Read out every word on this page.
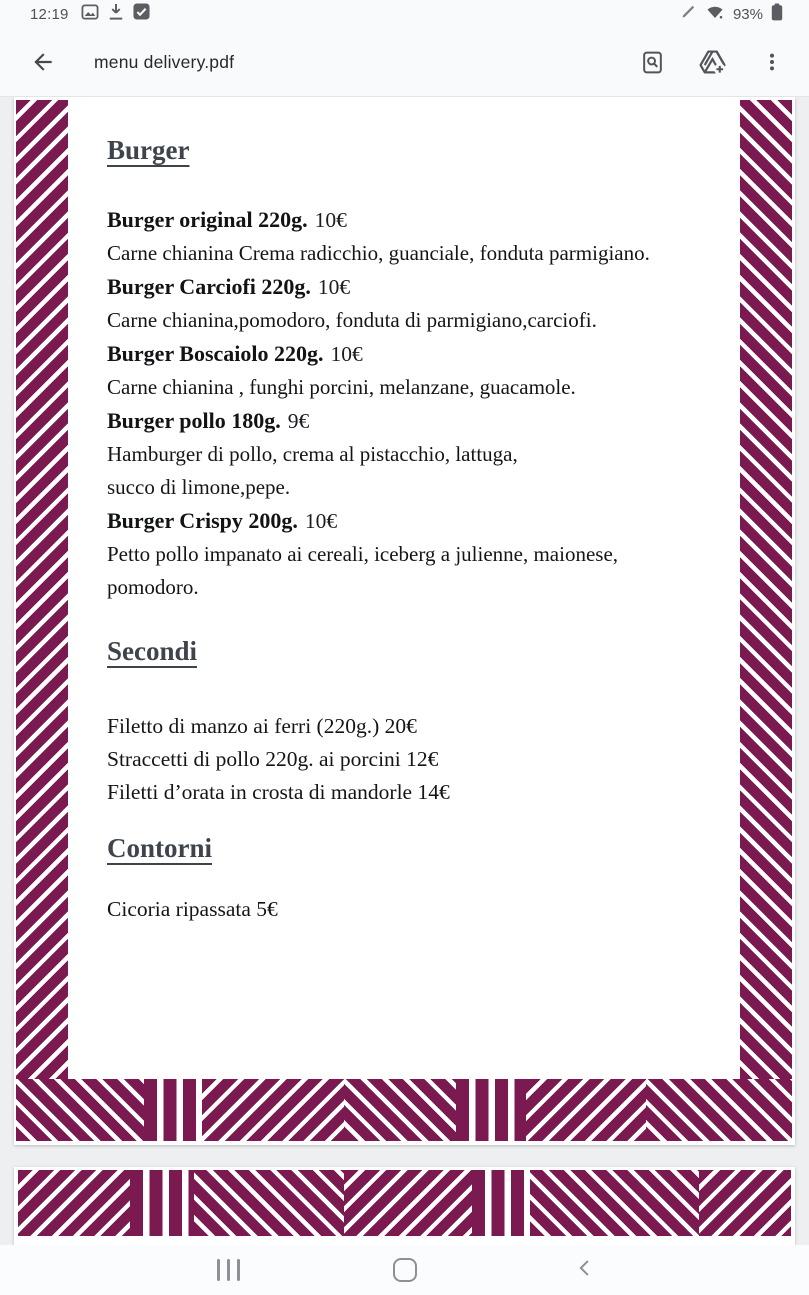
12:19	93%
menu delivery.pdf
Burger

Burger original 220g. 10€

Carne chianina Crema radicchio, guanciale, fonduta parmigiano.

Burger Carciofi 220g. 10€

Carne chianina,pomodoro, fonduta di parmigiano,carciofi.

Burger Boscaiolo 220g. 10€

Carne chianina , funghi porcini, melanzane, guacamole.

Burger pollo 180g. 9€

Hamburger di pollo, crema al pistacchio, lattuga,

succo di limone,pepe.

Burger Crispy 200g. 10€

Petto pollo impanato ai cereali, iceberg a julienne, maionese,

pomodoro.

Secondi

Filetto di manzo ai ferri (220g.) 20€

Straccetti di pollo 220g. ai porcini 12€

Filetti d’orata in crosta di mandorle 14€

Contorni

Cicoria ripassata 5€
